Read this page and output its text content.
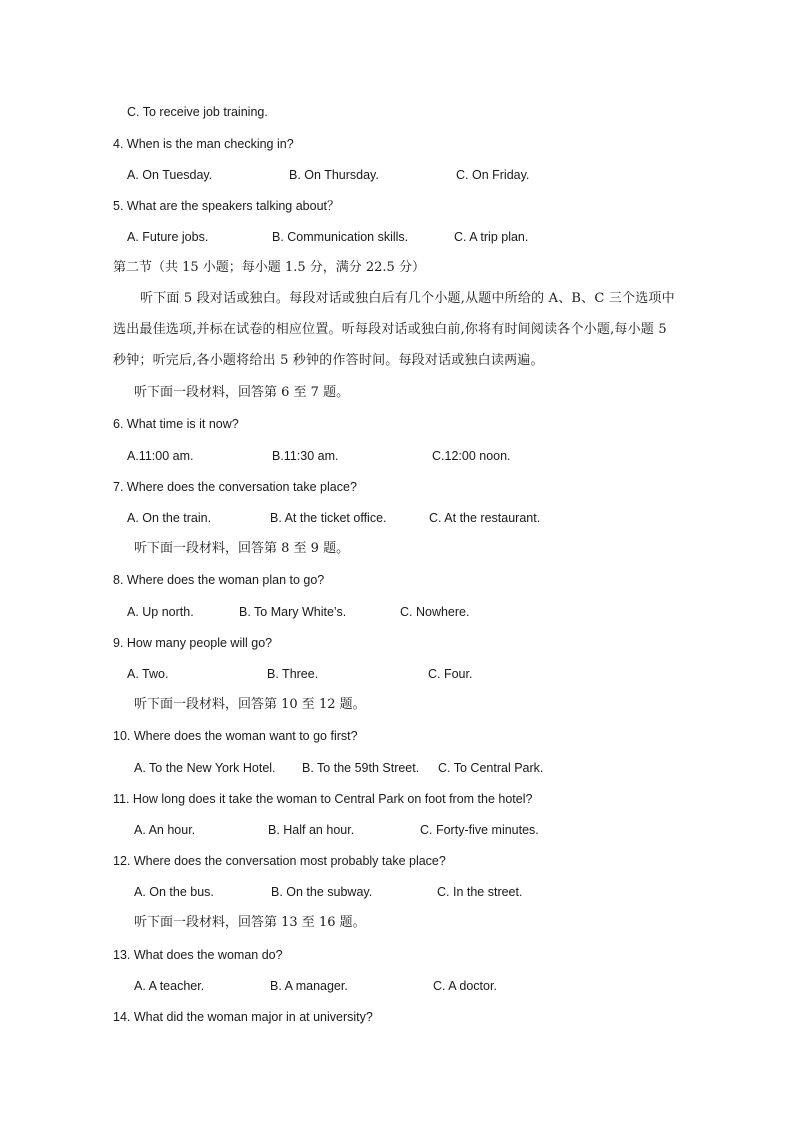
C. To receive job training.
4. When is the man checking in?
A. On Tuesday.	B. On Thursday.	C. On Friday.
5. What are the speakers talking about？
A. Future jobs.	B. Communication skills.	C. A trip plan.
第二节（共 15 小题；每小题 1.5 分，满分 22.5 分）
听下面 5 段对话或独白。每段对话或独白后有几个小题,从题中所给的 A、B、C 三个选项中选出最佳选项,并标在试卷的相应位置。听每段对话或独白前,你将有时间阅读各个小题,每小题 5 秒钟；听完后,各小题将给出 5 秒钟的作答时间。每段对话或独白读两遍。
听下面一段材料，回答第 6 至 7 题。
6. What time is it now?
A.11:00 am.	B.11:30 am.	C.12:00 noon.
7. Where does the conversation take place?
A. On the train.	B. At the ticket office.	C. At the restaurant.
听下面一段材料，回答第 8 至 9 题。
8. Where does the woman plan to go?
A. Up north.	B. To Mary White’s.	C. Nowhere.
9. How many people will go?
A. Two.	B. Three.	C. Four.
听下面一段材料，回答第 10 至 12 题。
10. Where does the woman want to go first?
A. To the New York Hotel. B. To the 59th Street. C. To Central Park.
11. How long does it take the woman to Central Park on foot from the hotel?
A. An hour.	B. Half an hour.	C. Forty-five minutes.
12. Where does the conversation most probably take place?
A. On the bus.	B. On the subway.	C. In the street.
听下面一段材料，回答第 13 至 16 题。
13. What does the woman do?
A. A teacher.	B. A manager.	C. A doctor.
14. What did the woman major in at university?
